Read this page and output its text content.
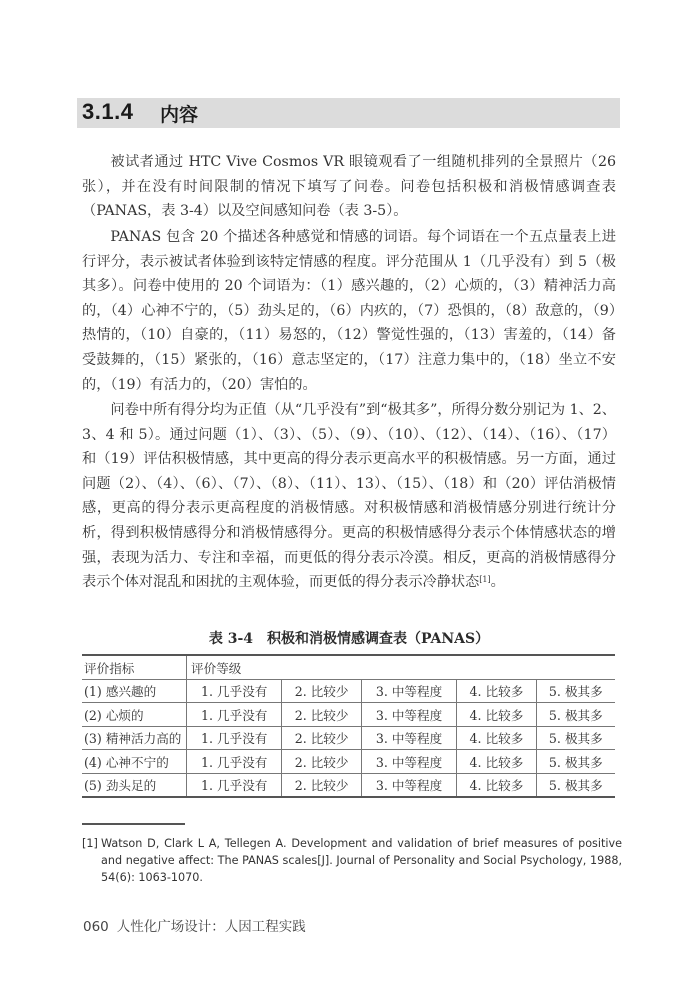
3.1.4 内容

被试者通过 HTC Vive Cosmos VR 眼镜观看了一组随机排列的全景照片（26 张），并在没有时间限制的情况下填写了问卷。问卷包括积极和消极情感调查表（PANAS，表 3-4）以及空间感知问卷（表 3-5）。

PANAS 包含 20 个描述各种感觉和情感的词语。每个词语在一个五点量表上进行评分，表示被试者体验到该特定情感的程度。评分范围从 1（几乎没有）到 5（极其多）。问卷中使用的 20 个词语为：（1）感兴趣的，（2）心烦的，（3）精神活力高的，（4）心神不宁的，（5）劲头足的，（6）内疚的，（7）恐惧的，（8）敌意的，（9）热情的，（10）自豪的，（11）易怒的，（12）警觉性强的，（13）害羞的，（14）备受鼓舞的，（15）紧张的，（16）意志坚定的，（17）注意力集中的，（18）坐立不安的，（19）有活力的，（20）害怕的。

问卷中所有得分均为正值（从“几乎没有”到“极其多”，所得分数分别记为 1、2、3、4 和 5）。通过问题（1）、（3）、（5）、（9）、（10）、（12）、（14）、（16）、（17）和（19）评估积极情感，其中更高的得分表示更高水平的积极情感。另一方面，通过问题（2）、（4）、（6）、（7）、（8）、（11）、13）、（15）、（18）和（20）评估消极情感，更高的得分表示更高程度的消极情感。对积极情感和消极情感分别进行统计分析，得到积极情感得分和消极情感得分。更高的积极情感得分表示个体情感状态的增强，表现为活力、专注和幸福，而更低的得分表示冷漠。相反，更高的消极情感得分表示个体对混乱和困扰的主观体验，而更低的得分表示冷静状态[1]。

表 3-4 积极和消极情感调查表（PANAS）
评价指标	评价等级				
(1) 感兴趣的	1. 几乎没有	2. 比较少	3. 中等程度	4. 比较多	5. 极其多
(2) 心烦的	1. 几乎没有	2. 比较少	3. 中等程度	4. 比较多	5. 极其多
(3) 精神活力高的	1. 几乎没有	2. 比较少	3. 中等程度	4. 比较多	5. 极其多
(4) 心神不宁的	1. 几乎没有	2. 比较少	3. 中等程度	4. 比较多	5. 极其多
(5) 劲头足的	1. 几乎没有	2. 比较少	3. 中等程度	4. 比较多	5. 极其多
[1] Watson D, Clark L A, Tellegen A. Development and validation of brief measures of positive and negative affect: The PANAS scales[J]. Journal of Personality and Social Psychology, 1988, 54(6): 1063-1070.
060 人性化广场设计：人因工程实践
